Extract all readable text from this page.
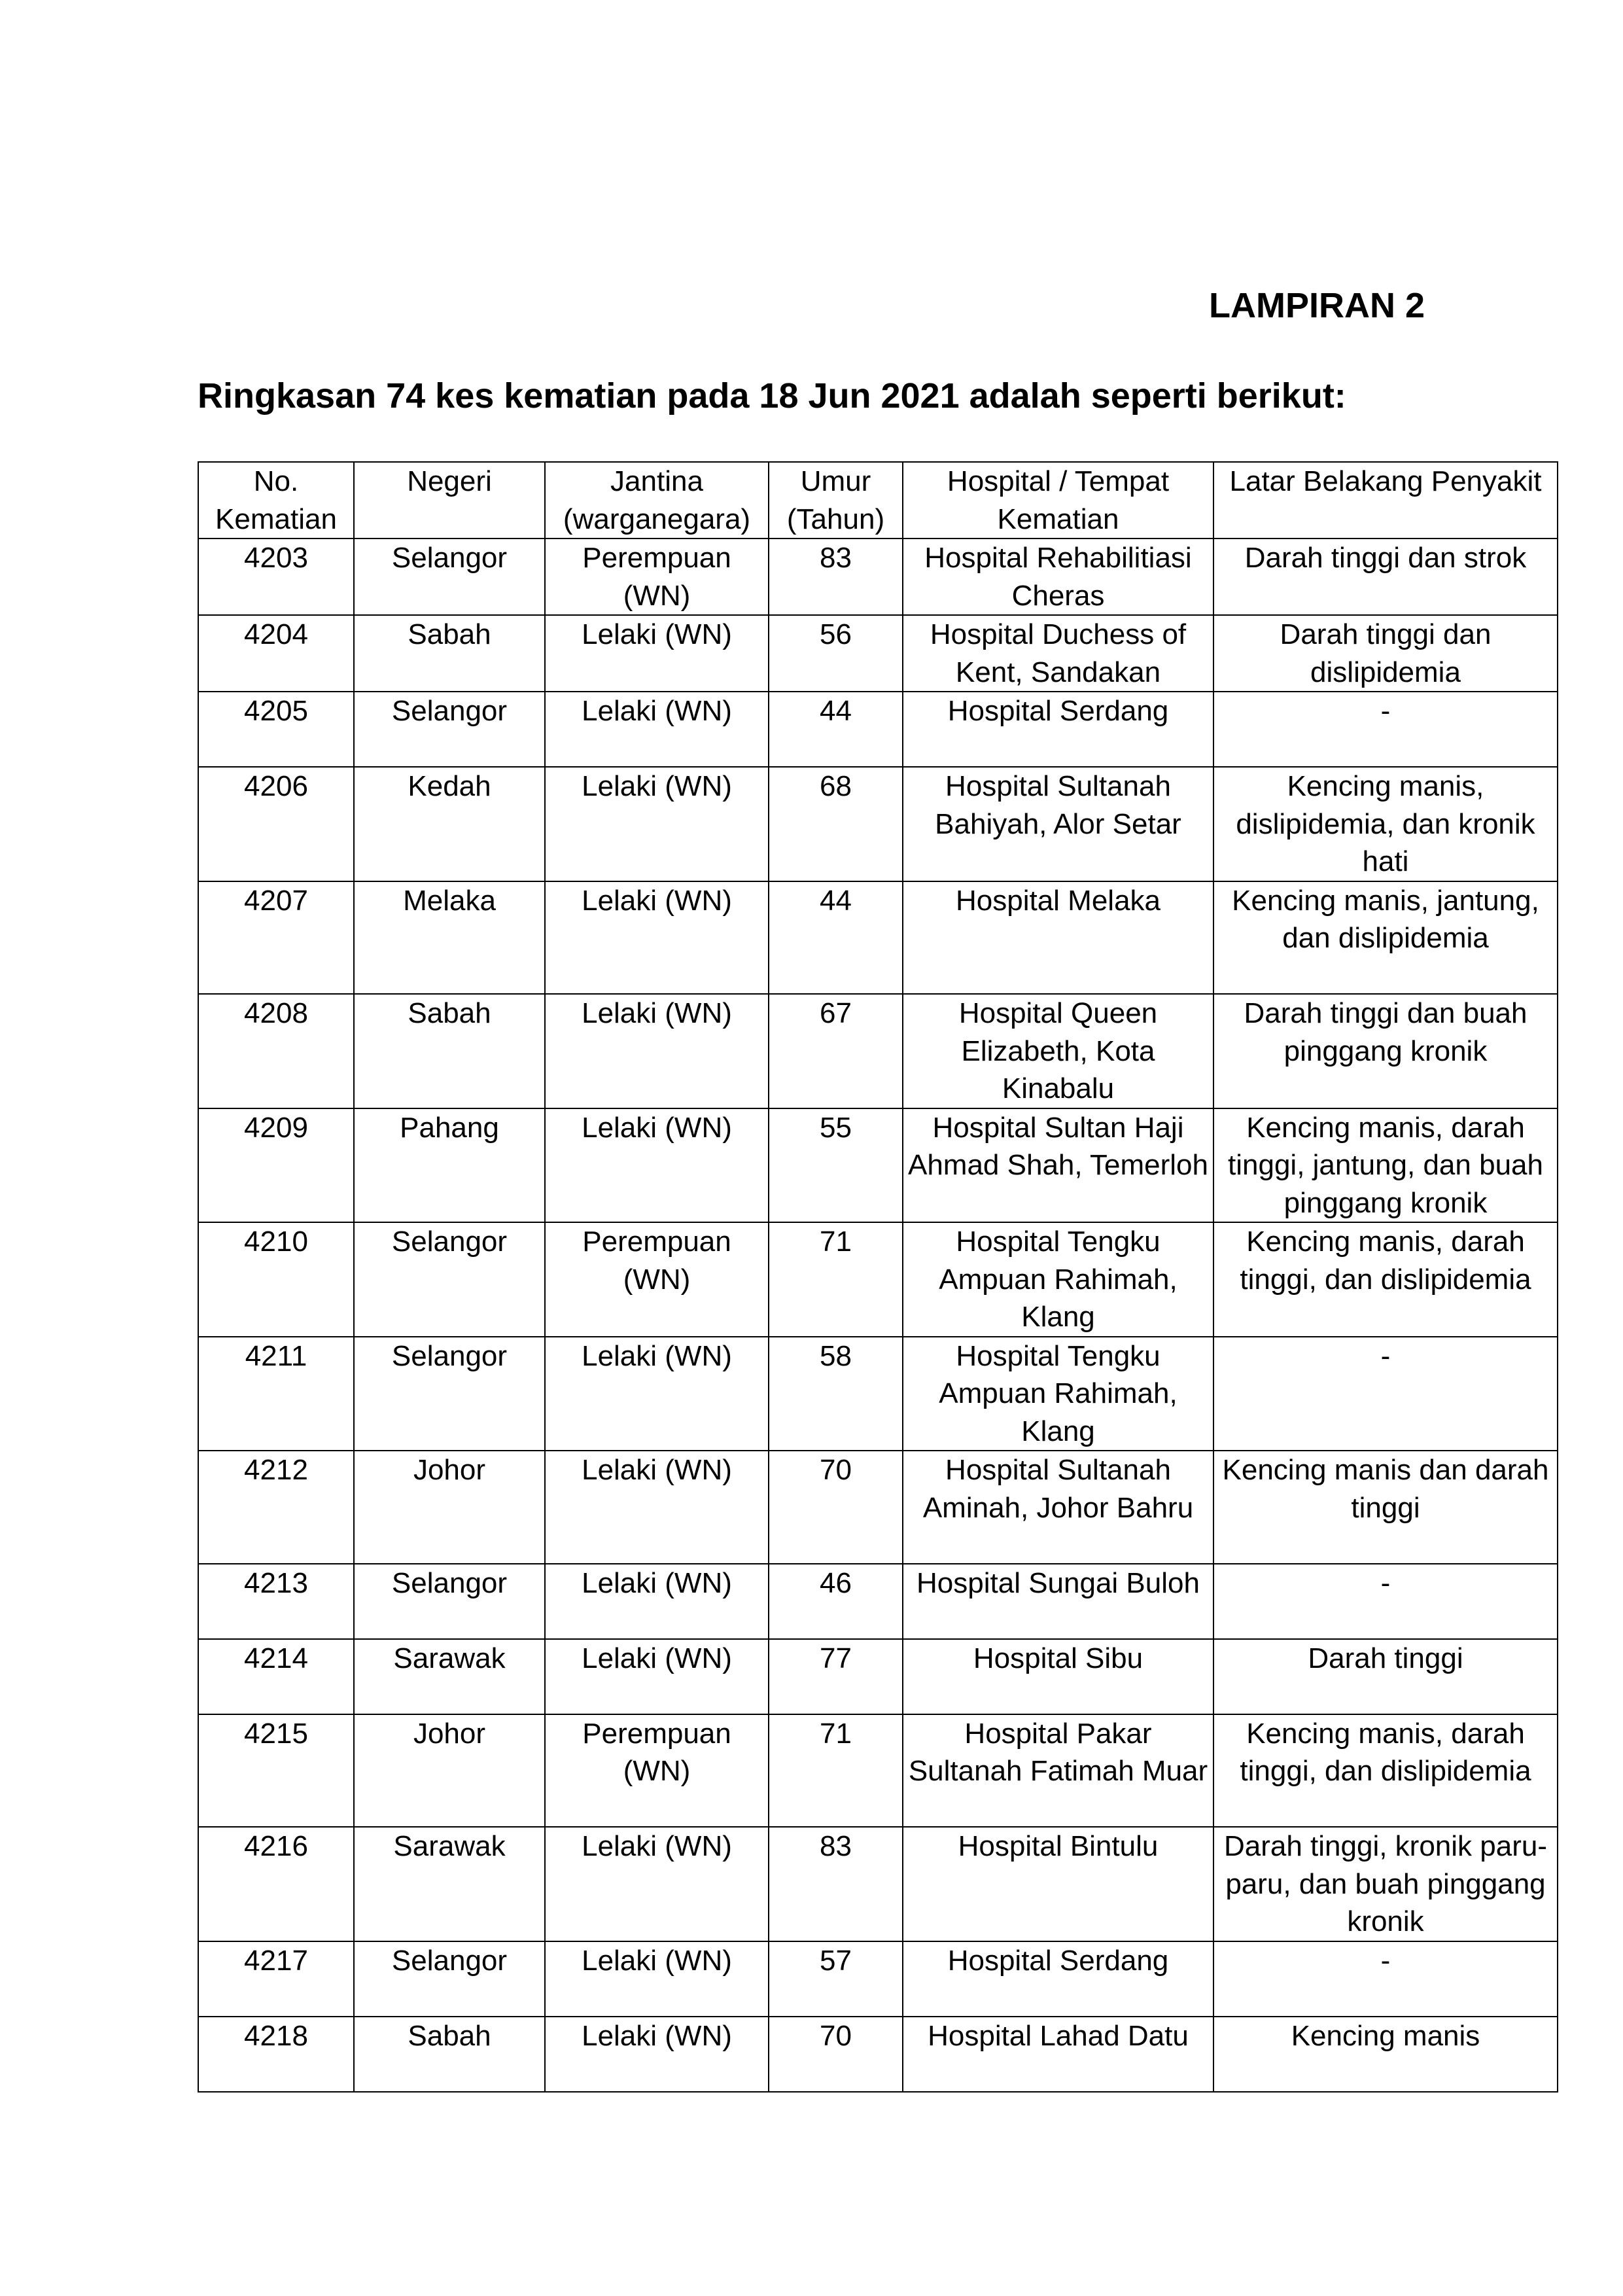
LAMPIRAN 2
Ringkasan 74 kes kematian pada 18 Jun 2021 adalah seperti berikut:
No. Kematian	Negeri	Jantina (warganegara)	Umur (Tahun)	Hospital / Tempat Kematian	Latar Belakang Penyakit
4203	Selangor	Perempuan (WN)	83	Hospital Rehabilitiasi Cheras	Darah tinggi dan strok
4204	Sabah	Lelaki (WN)	56	Hospital Duchess of Kent, Sandakan	Darah tinggi dan dislipidemia
4205	Selangor	Lelaki (WN)	44	Hospital Serdang	-
4206	Kedah	Lelaki (WN)	68	Hospital Sultanah Bahiyah, Alor Setar	Kencing manis, dislipidemia, dan kronik hati
4207	Melaka	Lelaki (WN)	44	Hospital Melaka	Kencing manis, jantung, dan dislipidemia
4208	Sabah	Lelaki (WN)	67	Hospital Queen Elizabeth, Kota Kinabalu	Darah tinggi dan buah pinggang kronik
4209	Pahang	Lelaki (WN)	55	Hospital Sultan Haji Ahmad Shah, Temerloh	Kencing manis, darah tinggi, jantung, dan buah pinggang kronik
4210	Selangor	Perempuan (WN)	71	Hospital Tengku Ampuan Rahimah, Klang	Kencing manis, darah tinggi, dan dislipidemia
4211	Selangor	Lelaki (WN)	58	Hospital Tengku Ampuan Rahimah, Klang	-
4212	Johor	Lelaki (WN)	70	Hospital Sultanah Aminah, Johor Bahru	Kencing manis dan darah tinggi
4213	Selangor	Lelaki (WN)	46	Hospital Sungai Buloh	-
4214	Sarawak	Lelaki (WN)	77	Hospital Sibu	Darah tinggi
4215	Johor	Perempuan (WN)	71	Hospital Pakar Sultanah Fatimah Muar	Kencing manis, darah tinggi, dan dislipidemia
4216	Sarawak	Lelaki (WN)	83	Hospital Bintulu	Darah tinggi, kronik paru-paru, dan buah pinggang kronik
4217	Selangor	Lelaki (WN)	57	Hospital Serdang	-
4218	Sabah	Lelaki (WN)	70	Hospital Lahad Datu	Kencing manis
